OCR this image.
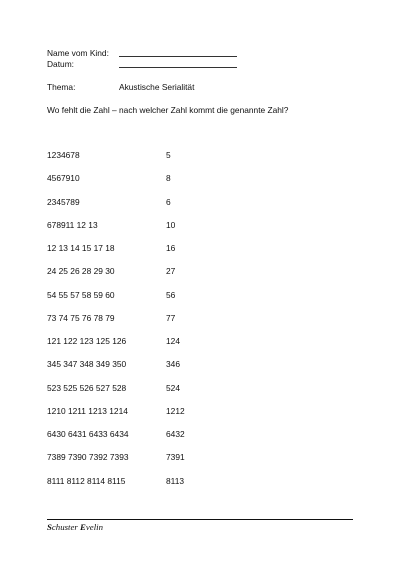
Name vom Kind:
Datum:
Thema:	Akustische Serialität
Wo fehlt die Zahl – nach welcher Zahl kommt die genannte Zahl?
1234678	5
4567910	8
2345789	6
678911 12 13	10
12 13 14 15 17 18	16
24 25 26 28 29 30	27
54 55 57 58 59 60	56
73 74 75 76 78 79	77
121 122 123 125 126	124
345 347 348 349 350	346
523 525 526 527 528	524
1210 1211 1213 1214	1212
6430 6431 6433 6434	6432
7389 7390 7392 7393	7391
8111 8112 8114 8115	8113
Schuster Evelin
